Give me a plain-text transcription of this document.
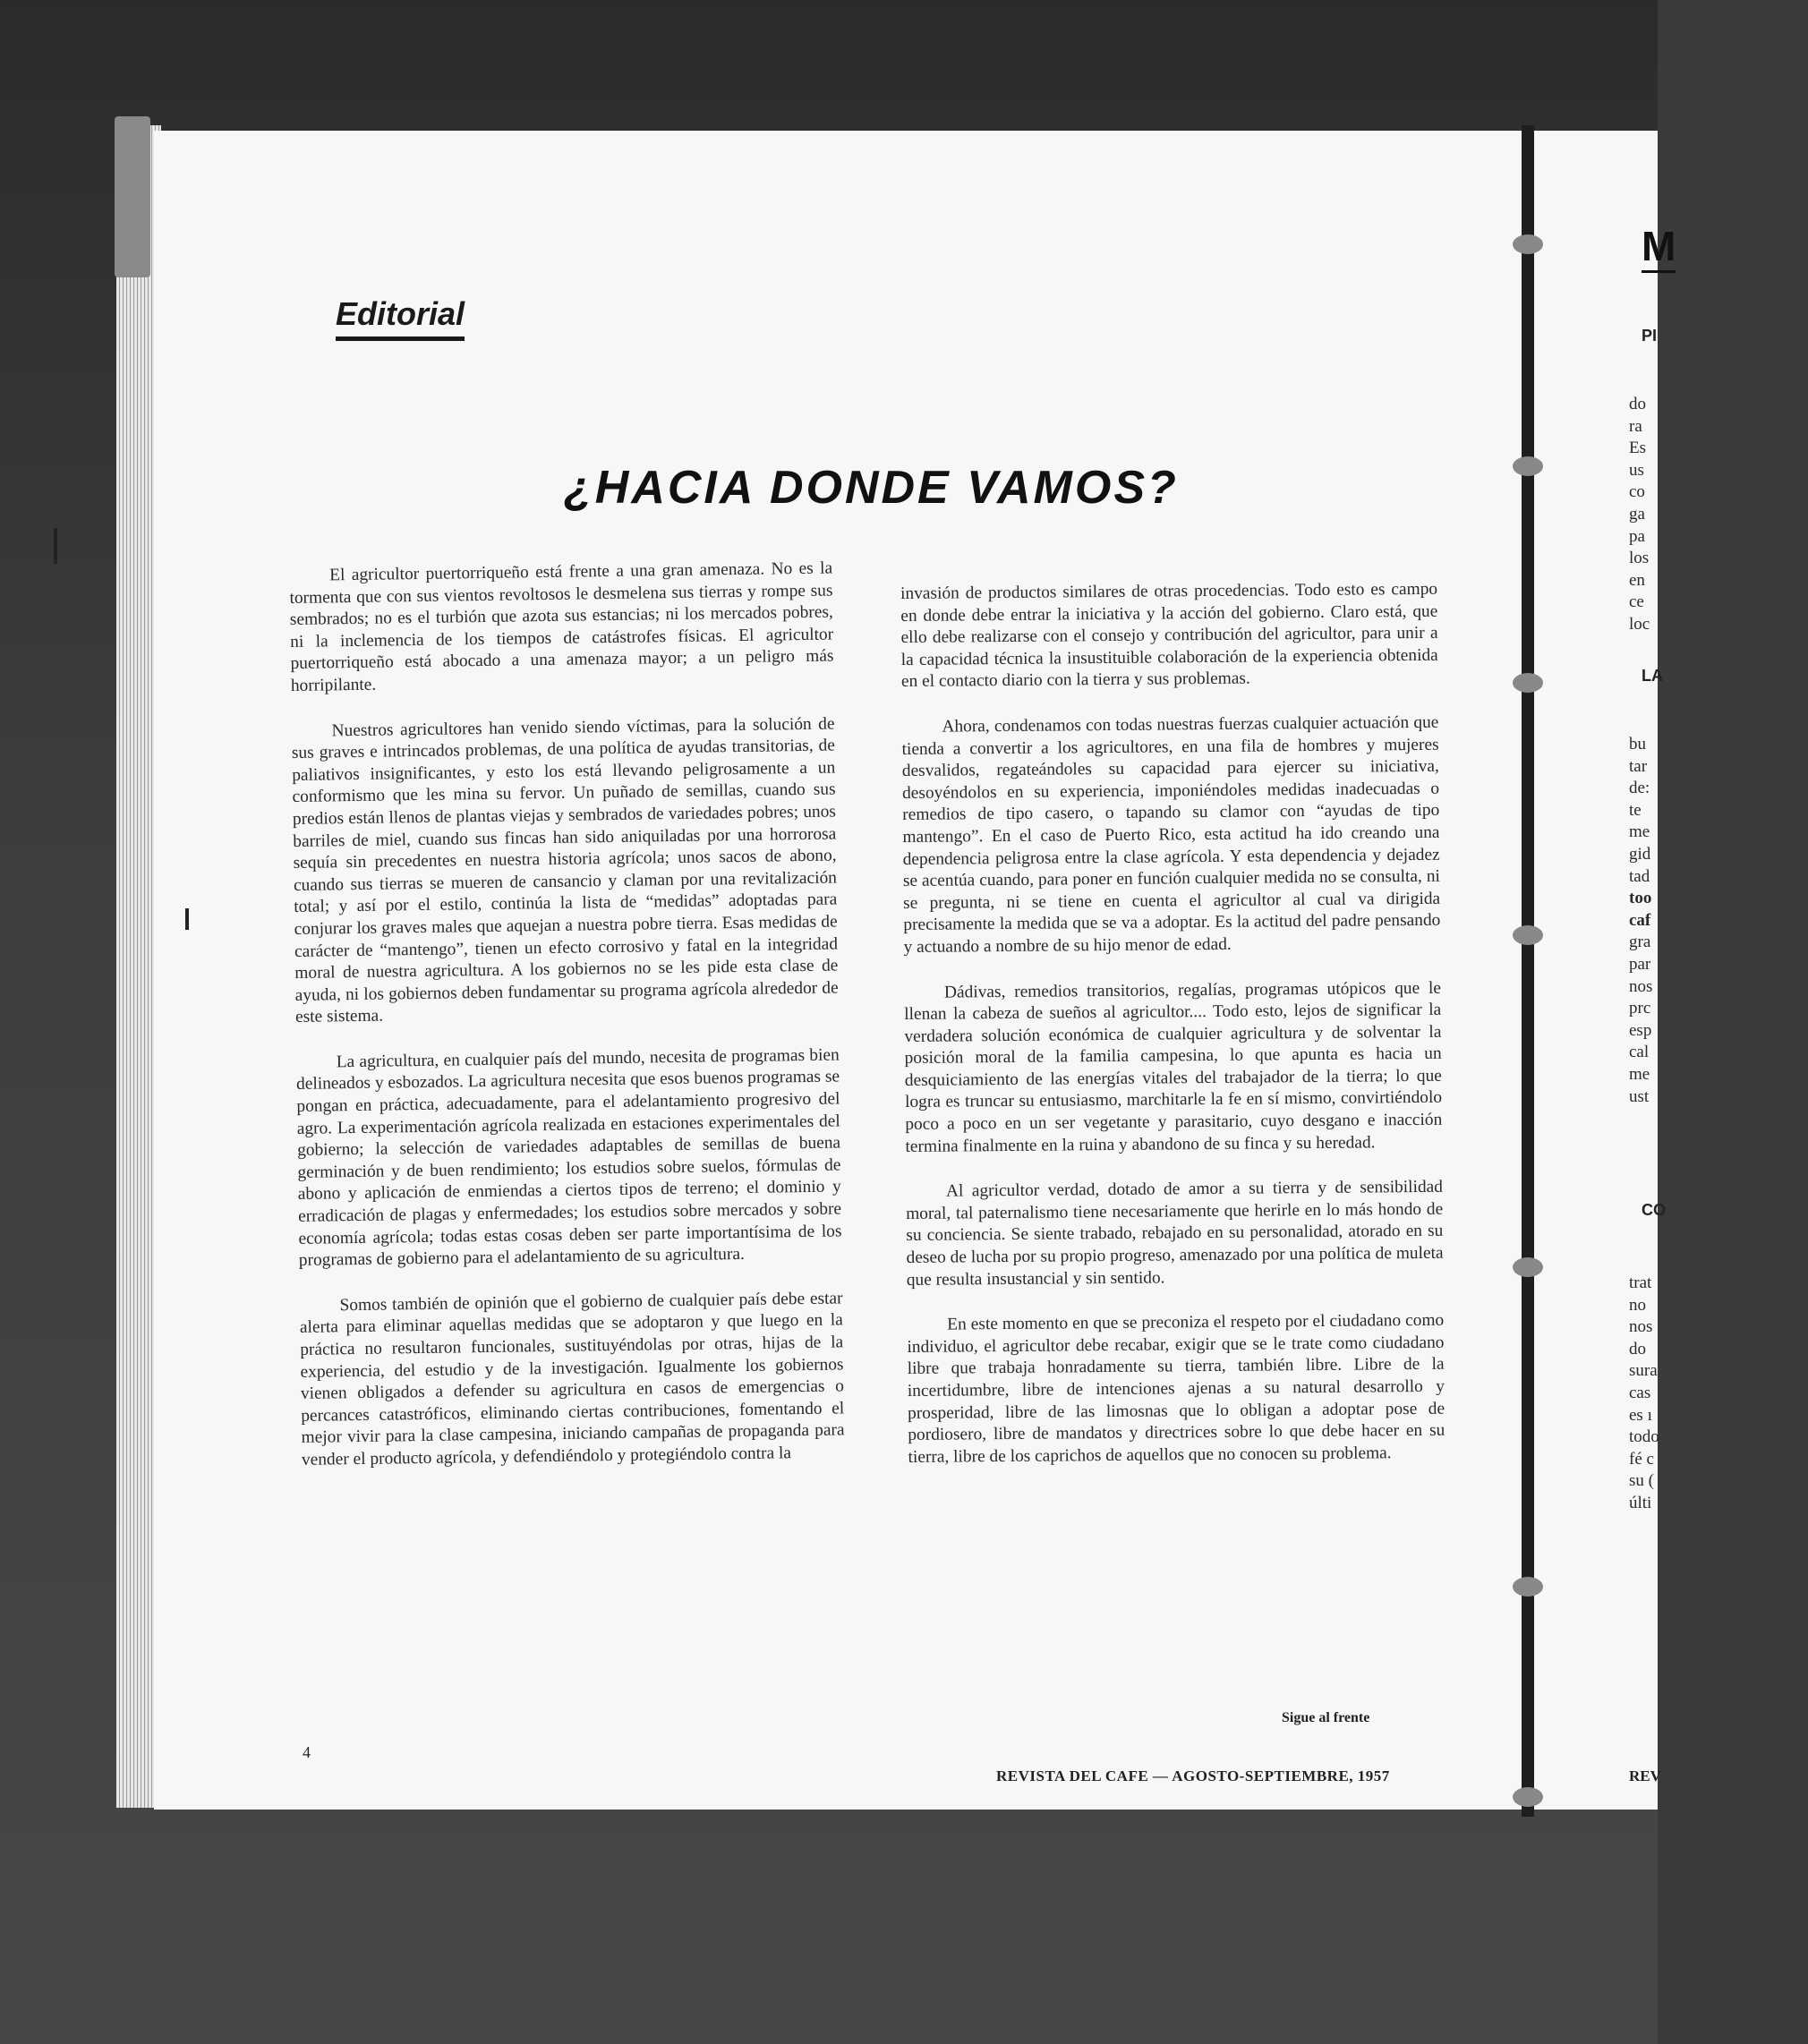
Editorial
¿HACIA DONDE VAMOS?

El agricultor puertorriqueño está frente a una gran amenaza. No es la tormenta que con sus vientos revoltosos le desmelena sus tierras y rompe sus sembrados; no es el turbión que azota sus estancias; ni los mercados pobres, ni la inclemencia de los tiempos de catástrofes físicas. El agricultor puertorriqueño está abocado a una amenaza mayor; a un peligro más horripilante.

Nuestros agricultores han venido siendo víctimas, para la solución de sus graves e intrincados problemas, de una política de ayudas transitorias, de paliativos insignificantes, y esto los está llevando peligrosamente a un conformismo que les mina su fervor. Un puñado de semillas, cuando sus predios están llenos de plantas viejas y sembrados de variedades pobres; unos barriles de miel, cuando sus fincas han sido aniquiladas por una horrorosa sequía sin precedentes en nuestra historia agrícola; unos sacos de abono, cuando sus tierras se mueren de cansancio y claman por una revitalización total; y así por el estilo, continúa la lista de “medidas” adoptadas para conjurar los graves males que aquejan a nuestra pobre tierra. Esas medidas de carácter de “mantengo”, tienen un efecto corrosivo y fatal en la integridad moral de nuestra agricultura. A los gobiernos no se les pide esta clase de ayuda, ni los gobiernos deben fundamentar su programa agrícola alrededor de este sistema.

La agricultura, en cualquier país del mundo, necesita de programas bien delineados y esbozados. La agricultura necesita que esos buenos programas se pongan en práctica, adecuadamente, para el adelantamiento progresivo del agro. La experimentación agrícola realizada en estaciones experimentales del gobierno; la selección de variedades adaptables de semillas de buena germinación y de buen rendimiento; los estudios sobre suelos, fórmulas de abono y aplicación de enmiendas a ciertos tipos de terreno; el dominio y erradicación de plagas y enfermedades; los estudios sobre mercados y sobre economía agrícola; todas estas cosas deben ser parte importantísima de los programas de gobierno para el adelantamiento de su agricultura.

Somos también de opinión que el gobierno de cualquier país debe estar alerta para eliminar aquellas medidas que se adoptaron y que luego en la práctica no resultaron funcionales, sustituyéndolas por otras, hijas de la experiencia, del estudio y de la investigación. Igualmente los gobiernos vienen obligados a defender su agricultura en casos de emergencias o percances catastróficos, eliminando ciertas contribuciones, fomentando el mejor vivir para la clase campesina, iniciando campañas de propaganda para vender el producto agrícola, y defendiéndolo y protegiéndolo contra la

invasión de productos similares de otras procedencias. Todo esto es campo en donde debe entrar la iniciativa y la acción del gobierno. Claro está, que ello debe realizarse con el consejo y contribución del agricultor, para unir a la capacidad técnica la insustituible colaboración de la experiencia obtenida en el contacto diario con la tierra y sus problemas.

Ahora, condenamos con todas nuestras fuerzas cualquier actuación que tienda a convertir a los agricultores, en una fila de hombres y mujeres desvalidos, regateándoles su capacidad para ejercer su iniciativa, desoyéndolos en su experiencia, imponiéndoles medidas inadecuadas o remedios de tipo casero, o tapando su clamor con “ayudas de tipo mantengo”. En el caso de Puerto Rico, esta actitud ha ido creando una dependencia peligrosa entre la clase agrícola. Y esta dependencia y dejadez se acentúa cuando, para poner en función cualquier medida no se consulta, ni se pregunta, ni se tiene en cuenta el agricultor al cual va dirigida precisamente la medida que se va a adoptar. Es la actitud del padre pensando y actuando a nombre de su hijo menor de edad.

Dádivas, remedios transitorios, regalías, programas utópicos que le llenan la cabeza de sueños al agricultor.... Todo esto, lejos de significar la verdadera solución económica de cualquier agricultura y de solventar la posición moral de la familia campesina, lo que apunta es hacia un desquiciamiento de las energías vitales del trabajador de la tierra; lo que logra es truncar su entusiasmo, marchitarle la fe en sí mismo, convirtiéndolo poco a poco en un ser vegetante y parasitario, cuyo desgano e inacción termina finalmente en la ruina y abandono de su finca y su heredad.

Al agricultor verdad, dotado de amor a su tierra y de sensibilidad moral, tal paternalismo tiene necesariamente que herirle en lo más hondo de su conciencia. Se siente trabado, rebajado en su personalidad, atorado en su deseo de lucha por su propio progreso, amenazado por una política de muleta que resulta insustancial y sin sentido.

En este momento en que se preconiza el respeto por el ciudadano como individuo, el agricultor debe recabar, exigir que se le trate como ciudadano libre que trabaja honradamente su tierra, también libre. Libre de la incertidumbre, libre de intenciones ajenas a su natural desarrollo y prosperidad, libre de las limosnas que lo obligan a adoptar pose de pordiosero, libre de mandatos y directrices sobre lo que debe hacer en su tierra, libre de los caprichos de aquellos que no conocen su problema.

Sigue al frente
4
REVISTA DEL CAFE — AGOSTO-SEPTIEMBRE, 1957
M
PI
do
ra
Es
us
co
ga
pa
los
en
ce
loc
LA
bu
tar
de:
te
me
gid
tad
too
caf
gra
par
nos
prc
esp
cal
me
ust
CO
trat
no
nos
do
sura
cas
es ı
todo
fé c
su (
últi
REV
